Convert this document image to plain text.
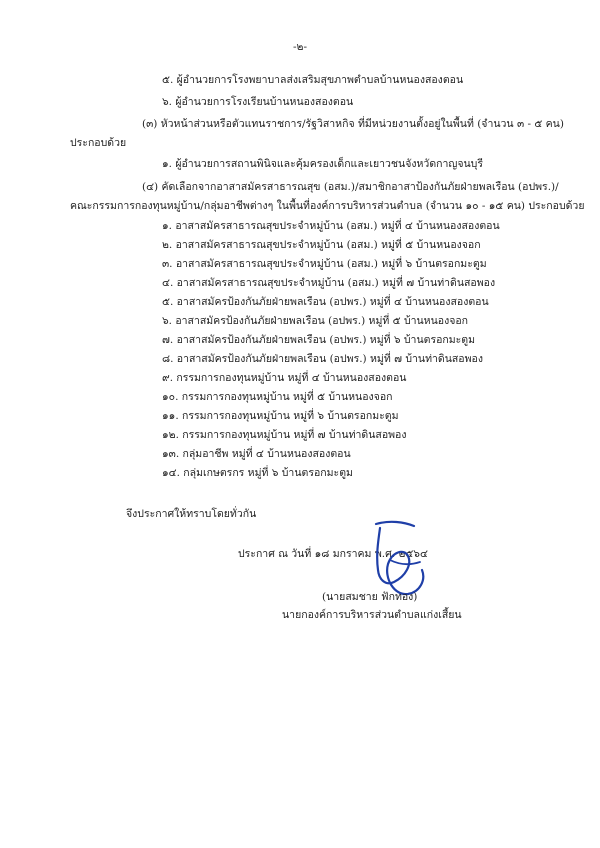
-๒-
๕. ผู้อำนวยการโรงพยาบาลส่งเสริมสุขภาพตำบลบ้านหนองสองตอน
๖. ผู้อำนวยการโรงเรียนบ้านหนองสองตอน
(๓) หัวหน้าส่วนหรือตัวแทนราชการ/รัฐวิสาหกิจ ที่มีหน่วยงานตั้งอยู่ในพื้นที่ (จำนวน ๓ - ๕ คน)
ประกอบด้วย
๑. ผู้อำนวยการสถานพินิจและคุ้มครองเด็กและเยาวชนจังหวัดกาญจนบุรี
(๔) คัดเลือกจากอาสาสมัครสาธารณสุข (อสม.)/สมาชิกอาสาป้องกันภัยฝ่ายพลเรือน (อปพร.)/
คณะกรรมการกองทุนหมู่บ้าน/กลุ่มอาชีพต่างๆ ในพื้นที่องค์การบริหารส่วนตำบล (จำนวน ๑๐ - ๑๕ คน) ประกอบด้วย
๑. อาสาสมัครสาธารณสุขประจำหมู่บ้าน (อสม.) หมู่ที่ ๔ บ้านหนองสองตอน
๒. อาสาสมัครสาธารณสุขประจำหมู่บ้าน (อสม.) หมู่ที่ ๕ บ้านหนองจอก
๓. อาสาสมัครสาธารณสุขประจำหมู่บ้าน (อสม.) หมู่ที่ ๖ บ้านตรอกมะตูม
๔. อาสาสมัครสาธารณสุขประจำหมู่บ้าน (อสม.) หมู่ที่ ๗ บ้านท่าดินสอพอง
๕. อาสาสมัครป้องกันภัยฝ่ายพลเรือน (อปพร.) หมู่ที่ ๔ บ้านหนองสองตอน
๖. อาสาสมัครป้องกันภัยฝ่ายพลเรือน (อปพร.) หมู่ที่ ๕ บ้านหนองจอก
๗. อาสาสมัครป้องกันภัยฝ่ายพลเรือน (อปพร.) หมู่ที่ ๖ บ้านตรอกมะตูม
๘. อาสาสมัครป้องกันภัยฝ่ายพลเรือน (อปพร.) หมู่ที่ ๗ บ้านท่าดินสอพอง
๙. กรรมการกองทุนหมู่บ้าน หมู่ที่ ๔ บ้านหนองสองตอน
๑๐. กรรมการกองทุนหมู่บ้าน หมู่ที่ ๕ บ้านหนองจอก
๑๑. กรรมการกองทุนหมู่บ้าน หมู่ที่ ๖ บ้านตรอกมะตูม
๑๒. กรรมการกองทุนหมู่บ้าน หมู่ที่ ๗ บ้านท่าดินสอพอง
๑๓. กลุ่มอาชีพ หมู่ที่ ๔ บ้านหนองสองตอน
๑๔. กลุ่มเกษตรกร หมู่ที่ ๖ บ้านตรอกมะตูม
จึงประกาศให้ทราบโดยทั่วกัน
ประกาศ ณ วันที่ ๑๘ มกราคม พ.ศ. ๒๕๖๔
(นายสมชาย ฟักทอง)
นายกองค์การบริหารส่วนตำบลแก่งเสี้ยน
